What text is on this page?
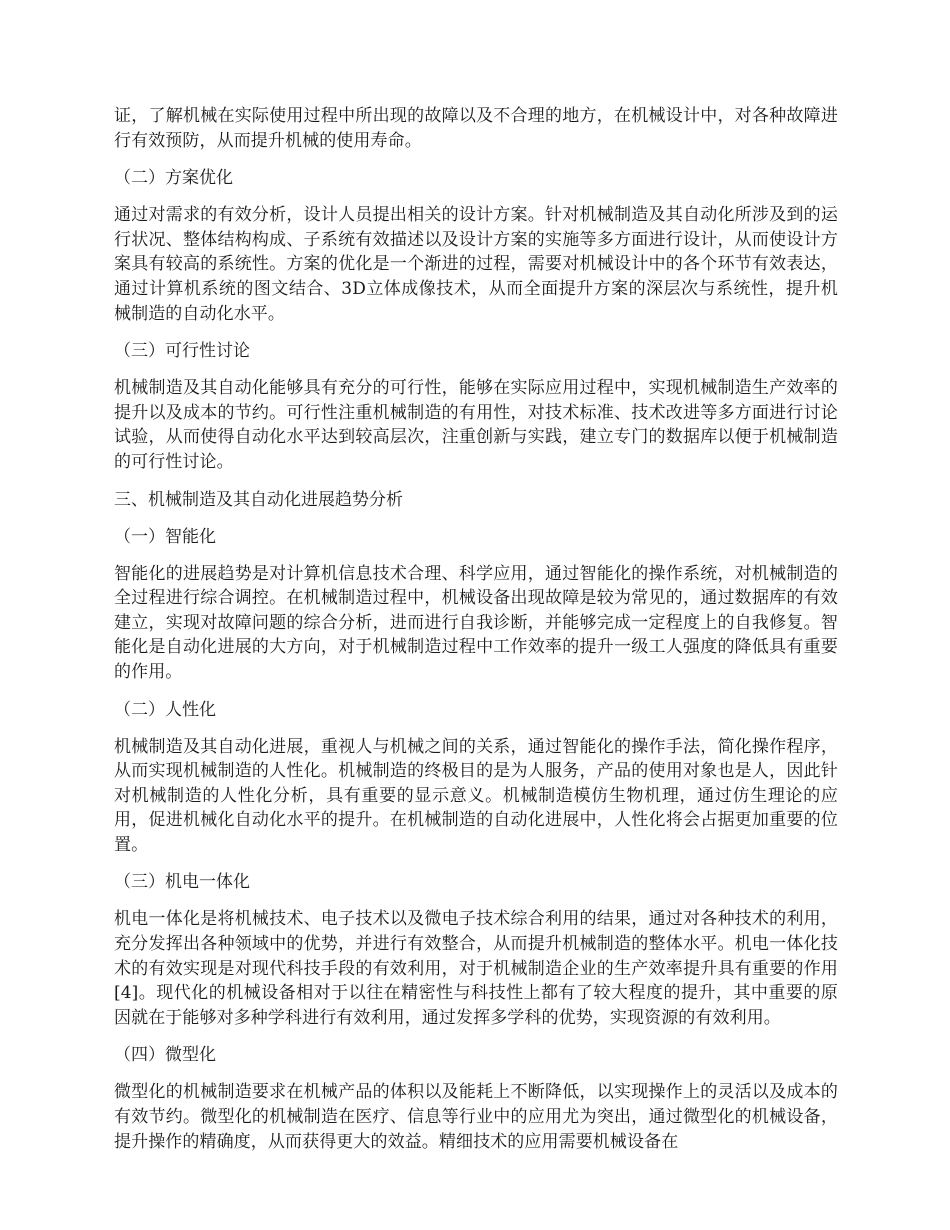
证，了解机械在实际使用过程中所出现的故障以及不合理的地方，在机械设计中，对各种故障进行有效预防，从而提升机械的使用寿命。

（二）方案优化

通过对需求的有效分析，设计人员提出相关的设计方案。针对机械制造及其自动化所涉及到的运行状况、整体结构构成、子系统有效描述以及设计方案的实施等多方面进行设计，从而使设计方案具有较高的系统性。方案的优化是一个渐进的过程，需要对机械设计中的各个环节有效表达，通过计算机系统的图文结合、3D立体成像技术，从而全面提升方案的深层次与系统性，提升机械制造的自动化水平。

（三）可行性讨论

机械制造及其自动化能够具有充分的可行性，能够在实际应用过程中，实现机械制造生产效率的提升以及成本的节约。可行性注重机械制造的有用性，对技术标准、技术改进等多方面进行讨论试验，从而使得自动化水平达到较高层次，注重创新与实践，建立专门的数据库以便于机械制造的可行性讨论。

三、机械制造及其自动化进展趋势分析

（一）智能化

智能化的进展趋势是对计算机信息技术合理、科学应用，通过智能化的操作系统，对机械制造的全过程进行综合调控。在机械制造过程中，机械设备出现故障是较为常见的，通过数据库的有效建立，实现对故障问题的综合分析，进而进行自我诊断，并能够完成一定程度上的自我修复。智能化是自动化进展的大方向，对于机械制造过程中工作效率的提升一级工人强度的降低具有重要的作用。

（二）人性化

机械制造及其自动化进展，重视人与机械之间的关系，通过智能化的操作手法，简化操作程序，从而实现机械制造的人性化。机械制造的终极目的是为人服务，产品的使用对象也是人，因此针对机械制造的人性化分析，具有重要的显示意义。机械制造模仿生物机理，通过仿生理论的应用，促进机械化自动化水平的提升。在机械制造的自动化进展中，人性化将会占据更加重要的位置。

（三）机电一体化

机电一体化是将机械技术、电子技术以及微电子技术综合利用的结果，通过对各种技术的利用，充分发挥出各种领域中的优势，并进行有效整合，从而提升机械制造的整体水平。机电一体化技术的有效实现是对现代科技手段的有效利用，对于机械制造企业的生产效率提升具有重要的作用[4]。现代化的机械设备相对于以往在精密性与科技性上都有了较大程度的提升，其中重要的原因就在于能够对多种学科进行有效利用，通过发挥多学科的优势，实现资源的有效利用。

（四）微型化

微型化的机械制造要求在机械产品的体积以及能耗上不断降低，以实现操作上的灵活以及成本的有效节约。微型化的机械制造在医疗、信息等行业中的应用尤为突出，通过微型化的机械设备，提升操作的精确度，从而获得更大的效益。精细技术的应用需要机械设备在
